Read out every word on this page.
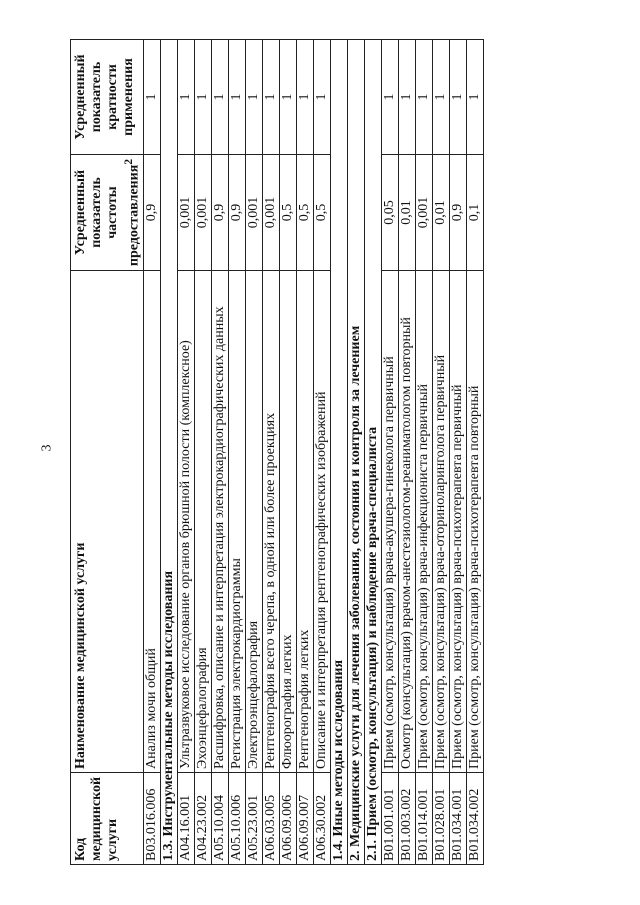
3
Код медицинской услуги	Наименование медицинской услуги	Усредненный показатель частоты предоставления$^2$	Усредненный показатель кратности применения
B03.016.006	Анализ мочи общий	0,9	1
1.3. Инструментальные методы исследования			
A04.16.001	Ультразвуковое исследование органов брюшной полости (комплексное)	0,001	1
A04.23.002	Эхоэнцефалография	0,001	1
A05.10.004	Расшифровка, описание и интерпретация электрокардиографических данных	0,9	1
A05.10.006	Регистрация электрокардиограммы	0,9	1
A05.23.001	Электроэнцефалография	0,001	1
A06.03.005	Рентгенография всего черепа, в одной или более проекциях	0,001	1
A06.09.006	Флюорография легких	0,5	1
A06.09.007	Рентгенография легких	0,5	1
A06.30.002	Описание и интерпретация рентгенографических изображений	0,5	1
1.4. Иные методы исследования			
2. Медицинские услуги для лечения заболевания, состояния и контроля за лечением			
2.1. Прием (осмотр, консультация) и наблюдение врача-специалиста			
B01.001.001	Прием (осмотр, консультация) врача-акушера-гинеколога первичный	0,05	1
B01.003.002	Осмотр (консультация) врачом-анестезиологом-реаниматологом повторный	0,01	1
B01.014.001	Прием (осмотр, консультация) врача-инфекциониста первичный	0,001	1
B01.028.001	Прием (осмотр, консультация) врача-оториноларинголога первичный	0,01	1
B01.034.001	Прием (осмотр, консультация) врача-психотерапевта первичный	0,9	1
B01.034.002	Прием (осмотр, консультация) врача-психотерапевта повторный	0,1	1
